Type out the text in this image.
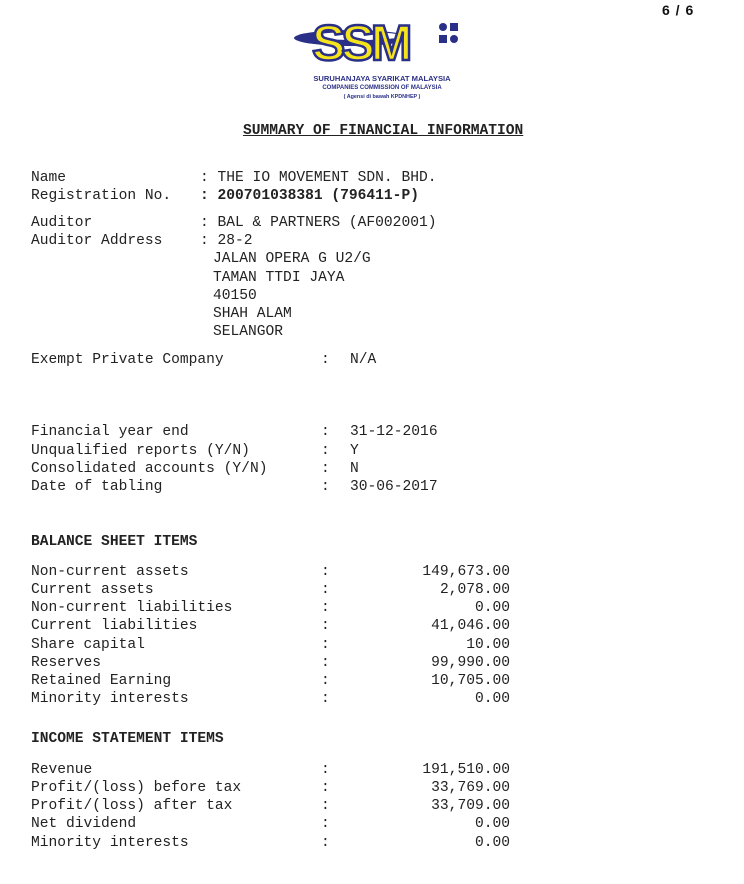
6 / 6
SSM
SURUHANJAYA SYARIKAT MALAYSIA
COMPANIES COMMISSION OF MALAYSIA
( Agensi di bawah KPDNHEP )
SUMMARY OF FINANCIAL INFORMATION
Name	: THE IO MOVEMENT SDN. BHD.
Registration No. : 200701038381 (796411-P)
Auditor	: BAL & PARTNERS (AF002001)
Auditor Address	: 28-2
JALAN OPERA G U2/G
TAMAN TTDI JAYA
40150
SHAH ALAM
SELANGOR
Exempt Private Company	: N/A
Financial year end	: 31-12-2016
Unqualified reports (Y/N)	: Y
Consolidated accounts (Y/N)	: N
Date of tabling	: 30-06-2017
BALANCE SHEET ITEMS
Non-current assets	:	149,673.00
Current assets	:	2,078.00
Non-current liabilities	:	0.00
Current liabilities	:	41,046.00
Share capital	:	10.00
Reserves	:	99,990.00
Retained Earning	:	10,705.00
Minority interests	:	0.00
INCOME STATEMENT ITEMS
Revenue	:	191,510.00
Profit/(loss) before tax	:	33,769.00
Profit/(loss) after tax	:	33,709.00
Net dividend	:	0.00
Minority interests	:	0.00
